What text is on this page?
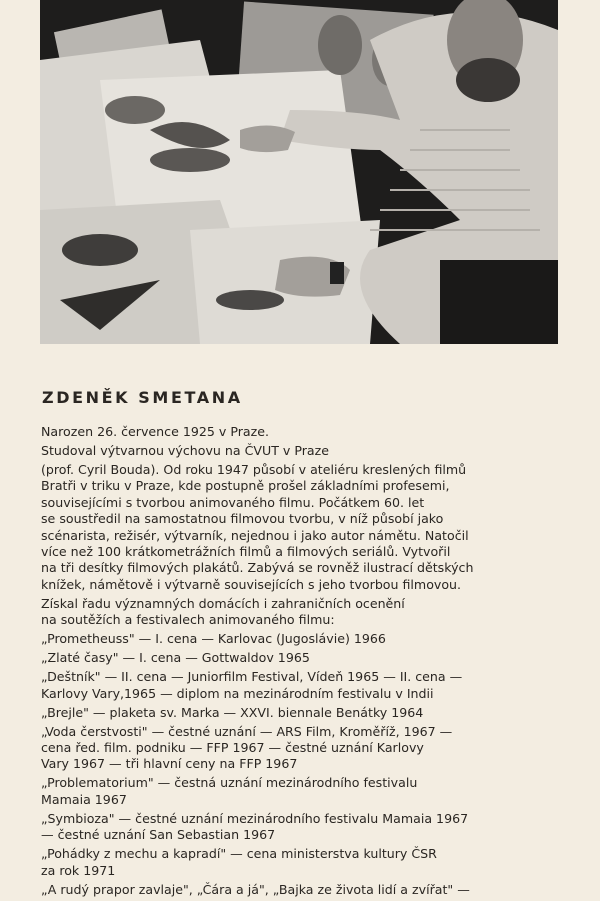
ZDENĚK SMETANA

Narozen 26. července 1925 v Praze.

Studoval výtvarnou výchovu na ČVUT v Praze

(prof. Cyril Bouda). Od roku 1947 působí v ateliéru kreslených filmů
Bratři v triku v Praze, kde postupně prošel základními profesemi,
souvisejícími s tvorbou animovaného filmu. Počátkem 60. let
se soustředil na samostatnou filmovou tvorbu, v níž působí jako
scénarista, režisér, výtvarník, nejednou i jako autor námětu. Natočil
více než 100 krátkometrážních filmů a filmových seriálů. Vytvořil
na tři desítky filmových plakátů. Zabývá se rovněž ilustrací dětských
knížek, námětově i výtvarně souvisejících s jeho tvorbou filmovou.

Získal řadu významných domácích i zahraničních ocenění
na soutěžích a festivalech animovaného filmu:

„Prometheuss" — I. cena — Karlovac (Jugoslávie) 1966

„Zlaté časy" — I. cena — Gottwaldov 1965

„Deštník" — II. cena — Juniorfilm Festival, Vídeň 1965 — II. cena —
Karlovy Vary,1965 — diplom na mezinárodním festivalu v Indii

„Brejle" — plaketa sv. Marka — XXVI. biennale Benátky 1964

„Voda čerstvosti" — čestné uznání — ARS Film, Kroměříž, 1967 —
cena řed. film. podniku — FFP 1967 — čestné uznání Karlovy
Vary 1967 — tři hlavní ceny na FFP 1967

„Problematorium" — čestná uznání mezinárodního festivalu
Mamaia 1967

„Symbioza" — čestné uznání mezinárodního festivalu Mamaia 1967
— čestné uznání San Sebastian 1967

„Pohádky z mechu a kapradí" — cena ministerstva kultury ČSR
za rok 1971

„A rudý prapor zavlaje", „Čára a já", „Bajka ze života lidí a zvířat" —
